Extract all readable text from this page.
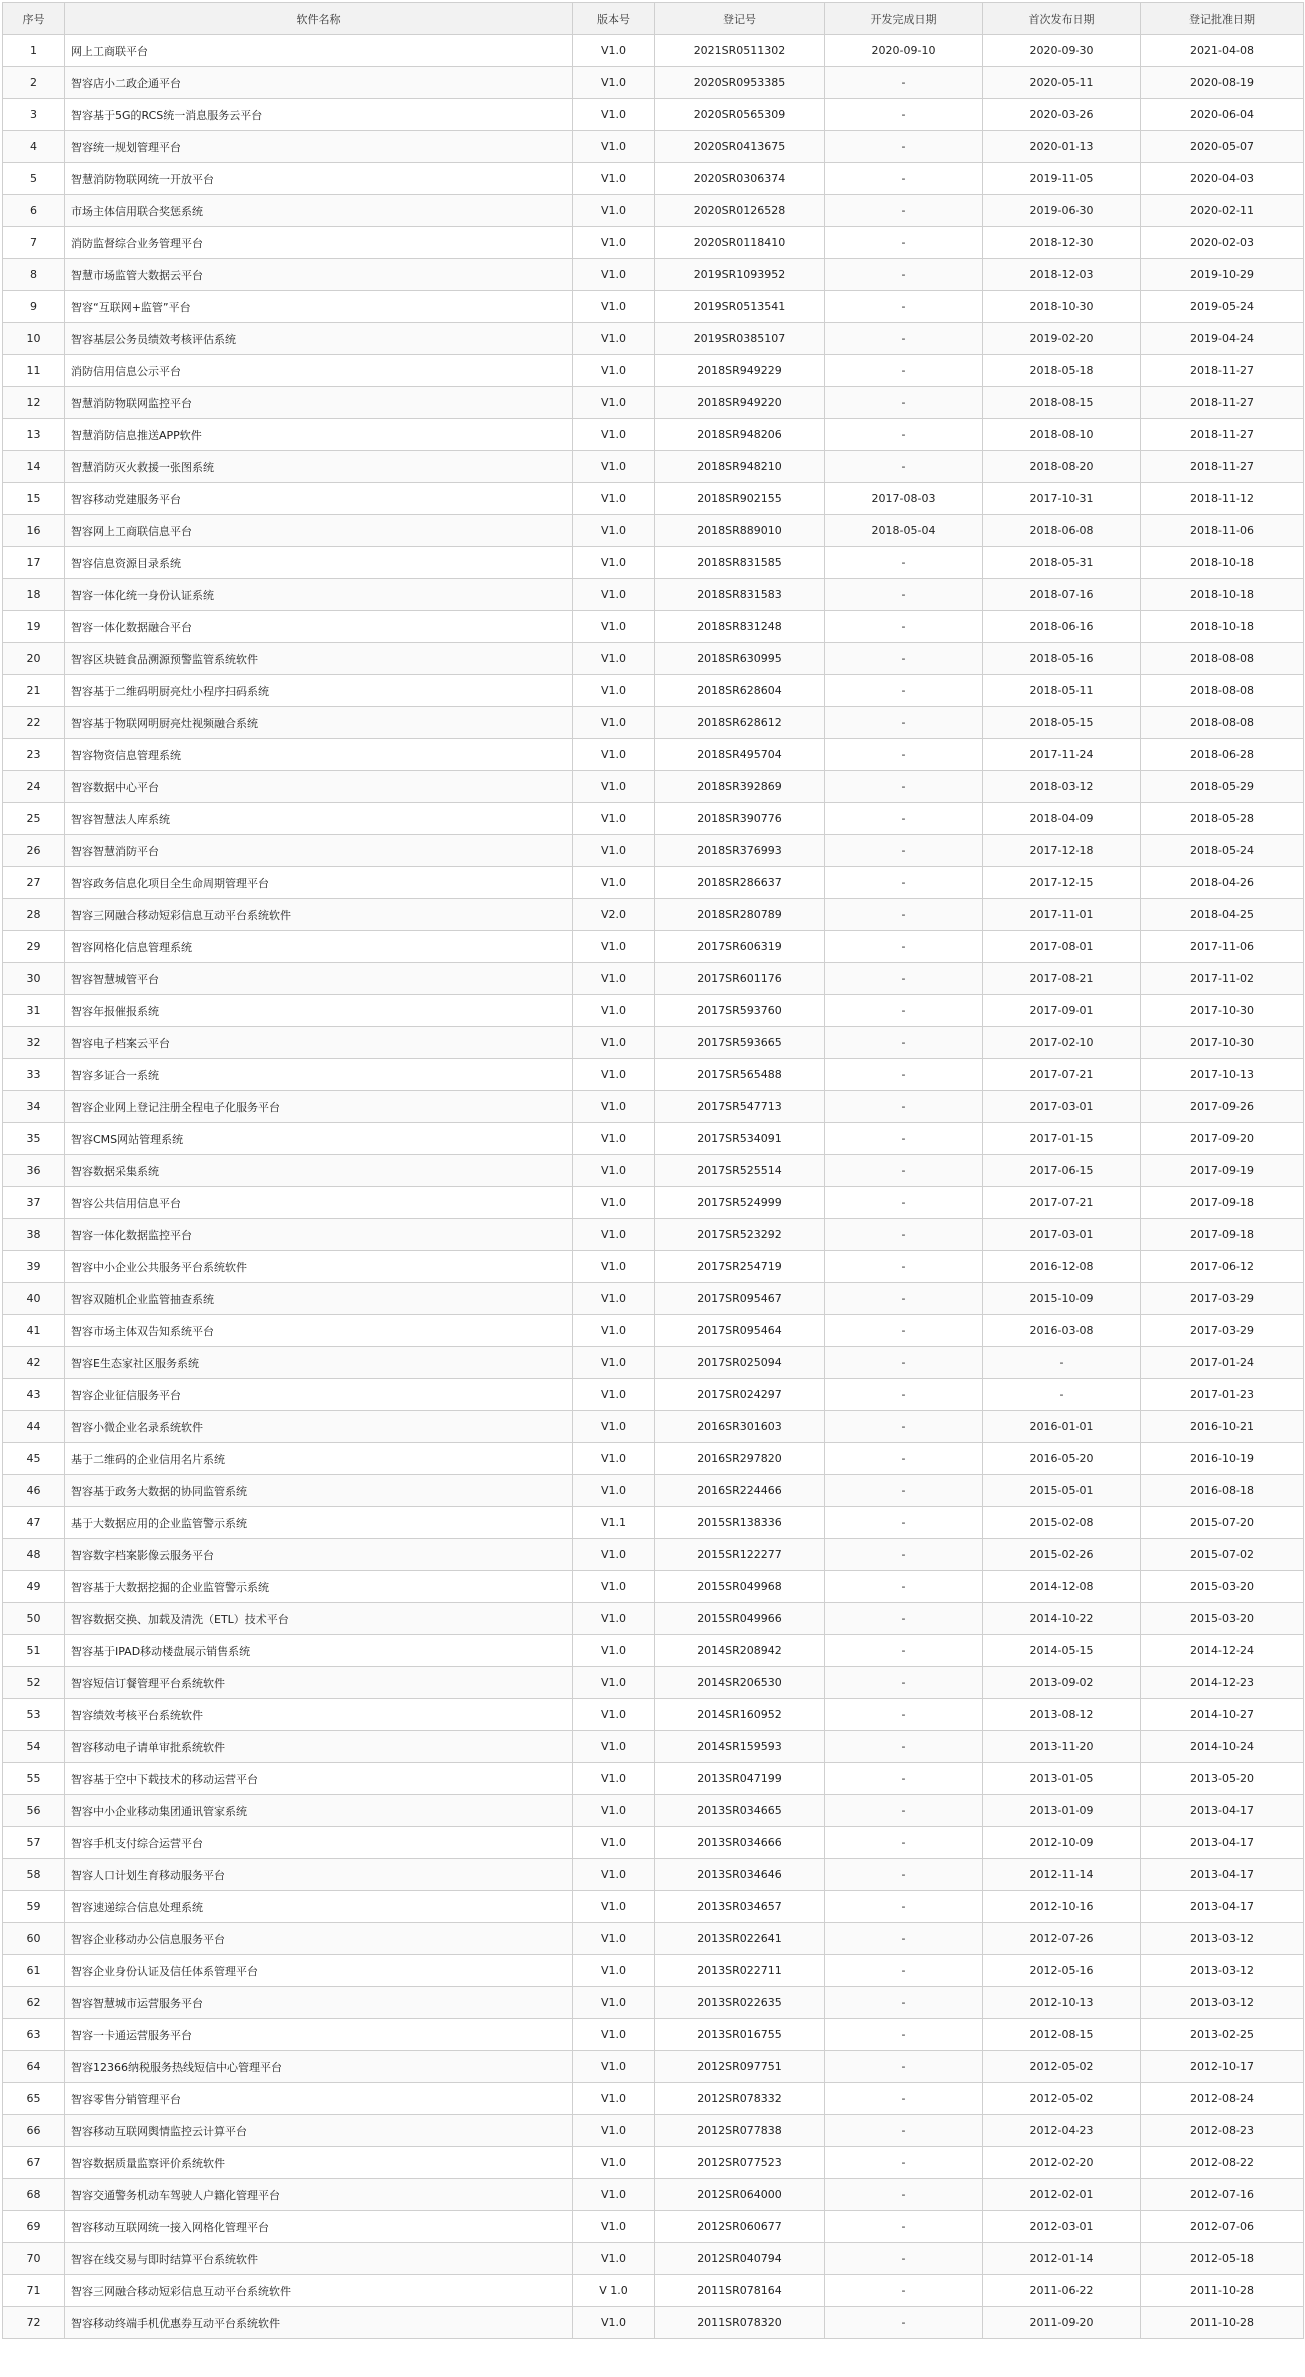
序号	软件名称	版本号	登记号	开发完成日期	首次发布日期	登记批准日期
1	网上工商联平台	V1.0	2021SR0511302	2020-09-10	2020-09-30	2021-04-08
2	智容店小二政企通平台	V1.0	2020SR0953385	-	2020-05-11	2020-08-19
3	智容基于5G的RCS统一消息服务云平台	V1.0	2020SR0565309	-	2020-03-26	2020-06-04
4	智容统一规划管理平台	V1.0	2020SR0413675	-	2020-01-13	2020-05-07
5	智慧消防物联网统一开放平台	V1.0	2020SR0306374	-	2019-11-05	2020-04-03
6	市场主体信用联合奖惩系统	V1.0	2020SR0126528	-	2019-06-30	2020-02-11
7	消防监督综合业务管理平台	V1.0	2020SR0118410	-	2018-12-30	2020-02-03
8	智慧市场监管大数据云平台	V1.0	2019SR1093952	-	2018-12-03	2019-10-29
9	智容“互联网+监管”平台	V1.0	2019SR0513541	-	2018-10-30	2019-05-24
10	智容基层公务员绩效考核评估系统	V1.0	2019SR0385107	-	2019-02-20	2019-04-24
11	消防信用信息公示平台	V1.0	2018SR949229	-	2018-05-18	2018-11-27
12	智慧消防物联网监控平台	V1.0	2018SR949220	-	2018-08-15	2018-11-27
13	智慧消防信息推送APP软件	V1.0	2018SR948206	-	2018-08-10	2018-11-27
14	智慧消防灭火救援一张图系统	V1.0	2018SR948210	-	2018-08-20	2018-11-27
15	智容移动党建服务平台	V1.0	2018SR902155	2017-08-03	2017-10-31	2018-11-12
16	智容网上工商联信息平台	V1.0	2018SR889010	2018-05-04	2018-06-08	2018-11-06
17	智容信息资源目录系统	V1.0	2018SR831585	-	2018-05-31	2018-10-18
18	智容一体化统一身份认证系统	V1.0	2018SR831583	-	2018-07-16	2018-10-18
19	智容一体化数据融合平台	V1.0	2018SR831248	-	2018-06-16	2018-10-18
20	智容区块链食品溯源预警监管系统软件	V1.0	2018SR630995	-	2018-05-16	2018-08-08
21	智容基于二维码明厨亮灶小程序扫码系统	V1.0	2018SR628604	-	2018-05-11	2018-08-08
22	智容基于物联网明厨亮灶视频融合系统	V1.0	2018SR628612	-	2018-05-15	2018-08-08
23	智容物资信息管理系统	V1.0	2018SR495704	-	2017-11-24	2018-06-28
24	智容数据中心平台	V1.0	2018SR392869	-	2018-03-12	2018-05-29
25	智容智慧法人库系统	V1.0	2018SR390776	-	2018-04-09	2018-05-28
26	智容智慧消防平台	V1.0	2018SR376993	-	2017-12-18	2018-05-24
27	智容政务信息化项目全生命周期管理平台	V1.0	2018SR286637	-	2017-12-15	2018-04-26
28	智容三网融合移动短彩信息互动平台系统软件	V2.0	2018SR280789	-	2017-11-01	2018-04-25
29	智容网格化信息管理系统	V1.0	2017SR606319	-	2017-08-01	2017-11-06
30	智容智慧城管平台	V1.0	2017SR601176	-	2017-08-21	2017-11-02
31	智容年报催报系统	V1.0	2017SR593760	-	2017-09-01	2017-10-30
32	智容电子档案云平台	V1.0	2017SR593665	-	2017-02-10	2017-10-30
33	智容多证合一系统	V1.0	2017SR565488	-	2017-07-21	2017-10-13
34	智容企业网上登记注册全程电子化服务平台	V1.0	2017SR547713	-	2017-03-01	2017-09-26
35	智容CMS网站管理系统	V1.0	2017SR534091	-	2017-01-15	2017-09-20
36	智容数据采集系统	V1.0	2017SR525514	-	2017-06-15	2017-09-19
37	智容公共信用信息平台	V1.0	2017SR524999	-	2017-07-21	2017-09-18
38	智容一体化数据监控平台	V1.0	2017SR523292	-	2017-03-01	2017-09-18
39	智容中小企业公共服务平台系统软件	V1.0	2017SR254719	-	2016-12-08	2017-06-12
40	智容双随机企业监管抽查系统	V1.0	2017SR095467	-	2015-10-09	2017-03-29
41	智容市场主体双告知系统平台	V1.0	2017SR095464	-	2016-03-08	2017-03-29
42	智容E生态家社区服务系统	V1.0	2017SR025094	-	-	2017-01-24
43	智容企业征信服务平台	V1.0	2017SR024297	-	-	2017-01-23
44	智容小微企业名录系统软件	V1.0	2016SR301603	-	2016-01-01	2016-10-21
45	基于二维码的企业信用名片系统	V1.0	2016SR297820	-	2016-05-20	2016-10-19
46	智容基于政务大数据的协同监管系统	V1.0	2016SR224466	-	2015-05-01	2016-08-18
47	基于大数据应用的企业监管警示系统	V1.1	2015SR138336	-	2015-02-08	2015-07-20
48	智容数字档案影像云服务平台	V1.0	2015SR122277	-	2015-02-26	2015-07-02
49	智容基于大数据挖掘的企业监管警示系统	V1.0	2015SR049968	-	2014-12-08	2015-03-20
50	智容数据交换、加载及清洗（ETL）技术平台	V1.0	2015SR049966	-	2014-10-22	2015-03-20
51	智容基于IPAD移动楼盘展示销售系统	V1.0	2014SR208942	-	2014-05-15	2014-12-24
52	智容短信订餐管理平台系统软件	V1.0	2014SR206530	-	2013-09-02	2014-12-23
53	智容绩效考核平台系统软件	V1.0	2014SR160952	-	2013-08-12	2014-10-27
54	智容移动电子请单审批系统软件	V1.0	2014SR159593	-	2013-11-20	2014-10-24
55	智容基于空中下载技术的移动运营平台	V1.0	2013SR047199	-	2013-01-05	2013-05-20
56	智容中小企业移动集团通讯管家系统	V1.0	2013SR034665	-	2013-01-09	2013-04-17
57	智容手机支付综合运营平台	V1.0	2013SR034666	-	2012-10-09	2013-04-17
58	智容人口计划生育移动服务平台	V1.0	2013SR034646	-	2012-11-14	2013-04-17
59	智容速递综合信息处理系统	V1.0	2013SR034657	-	2012-10-16	2013-04-17
60	智容企业移动办公信息服务平台	V1.0	2013SR022641	-	2012-07-26	2013-03-12
61	智容企业身份认证及信任体系管理平台	V1.0	2013SR022711	-	2012-05-16	2013-03-12
62	智容智慧城市运营服务平台	V1.0	2013SR022635	-	2012-10-13	2013-03-12
63	智容一卡通运营服务平台	V1.0	2013SR016755	-	2012-08-15	2013-02-25
64	智容12366纳税服务热线短信中心管理平台	V1.0	2012SR097751	-	2012-05-02	2012-10-17
65	智容零售分销管理平台	V1.0	2012SR078332	-	2012-05-02	2012-08-24
66	智容移动互联网舆情监控云计算平台	V1.0	2012SR077838	-	2012-04-23	2012-08-23
67	智容数据质量监察评价系统软件	V1.0	2012SR077523	-	2012-02-20	2012-08-22
68	智容交通警务机动车驾驶人户籍化管理平台	V1.0	2012SR064000	-	2012-02-01	2012-07-16
69	智容移动互联网统一接入网格化管理平台	V1.0	2012SR060677	-	2012-03-01	2012-07-06
70	智容在线交易与即时结算平台系统软件	V1.0	2012SR040794	-	2012-01-14	2012-05-18
71	智容三网融合移动短彩信息互动平台系统软件	V 1.0	2011SR078164	-	2011-06-22	2011-10-28
72	智容移动终端手机优惠券互动平台系统软件	V1.0	2011SR078320	-	2011-09-20	2011-10-28
